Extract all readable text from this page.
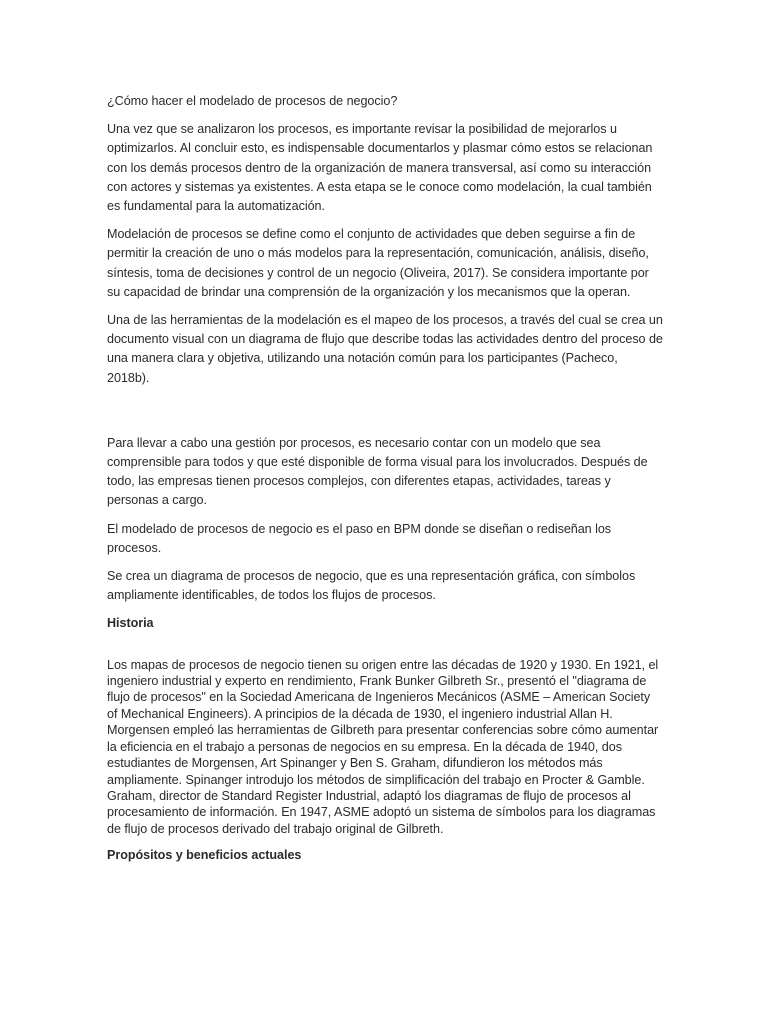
¿Cómo hacer el modelado de procesos de negocio?

Una vez que se analizaron los procesos, es importante revisar la posibilidad de mejorarlos u optimizarlos. Al concluir esto, es indispensable documentarlos y plasmar cómo estos se relacionan con los demás procesos dentro de la organización de manera transversal, así como su interacción con actores y sistemas ya existentes. A esta etapa se le conoce como modelación, la cual también es fundamental para la automatización.

Modelación de procesos se define como el conjunto de actividades que deben seguirse a fin de permitir la creación de uno o más modelos para la representación, comunicación, análisis, diseño, síntesis, toma de decisiones y control de un negocio (Oliveira, 2017). Se considera importante por su capacidad de brindar una comprensión de la organización y los mecanismos que la operan.

Una de las herramientas de la modelación es el mapeo de los procesos, a través del cual se crea un documento visual con un diagrama de flujo que describe todas las actividades dentro del proceso de una manera clara y objetiva, utilizando una notación común para los participantes (Pacheco, 2018b).

Para llevar a cabo una gestión por procesos, es necesario contar con un modelo que sea comprensible para todos y que esté disponible de forma visual para los involucrados. Después de todo, las empresas tienen procesos complejos, con diferentes etapas, actividades, tareas y personas a cargo.

El modelado de procesos de negocio es el paso en BPM donde se diseñan o rediseñan los procesos.

Se crea un diagrama de procesos de negocio, que es una representación gráfica, con símbolos ampliamente identificables, de todos los flujos de procesos.

Historia

Los mapas de procesos de negocio tienen su origen entre las décadas de 1920 y 1930. En 1921, el ingeniero industrial y experto en rendimiento, Frank Bunker Gilbreth Sr., presentó el "diagrama de flujo de procesos" en la Sociedad Americana de Ingenieros Mecánicos (ASME – American Society of Mechanical Engineers). A principios de la década de 1930, el ingeniero industrial Allan H. Morgensen empleó las herramientas de Gilbreth para presentar conferencias sobre cómo aumentar la eficiencia en el trabajo a personas de negocios en su empresa. En la década de 1940, dos estudiantes de Morgensen, Art Spinanger y Ben S. Graham, difundieron los métodos más ampliamente. Spinanger introdujo los métodos de simplificación del trabajo en Procter & Gamble. Graham, director de Standard Register Industrial, adaptó los diagramas de flujo de procesos al procesamiento de información. En 1947, ASME adoptó un sistema de símbolos para los diagramas de flujo de procesos derivado del trabajo original de Gilbreth.

Propósitos y beneficios actuales
